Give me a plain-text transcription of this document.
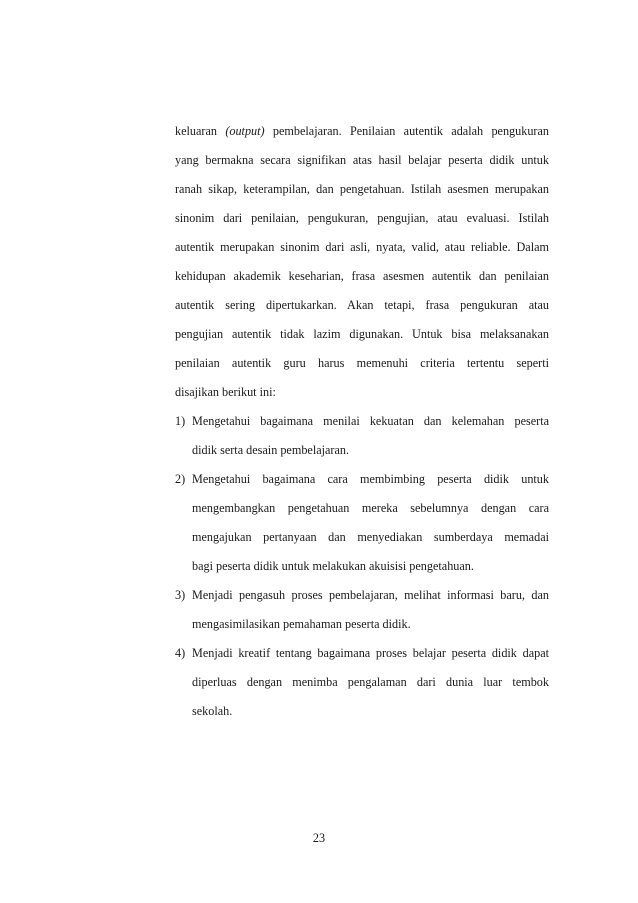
keluaran (output) pembelajaran. Penilaian autentik adalah pengukuran
yang bermakna secara signifikan atas hasil belajar peserta didik untuk
ranah sikap, keterampilan, dan pengetahuan. Istilah asesmen merupakan
sinonim dari penilaian, pengukuran, pengujian, atau evaluasi. Istilah
autentik merupakan sinonim dari asli, nyata, valid, atau reliable. Dalam
kehidupan akademik keseharian, frasa asesmen autentik dan penilaian
autentik sering dipertukarkan. Akan tetapi, frasa pengukuran atau
pengujian autentik tidak lazim digunakan. Untuk bisa melaksanakan
penilaian autentik guru harus memenuhi criteria tertentu seperti
disajikan berikut ini:
1) Mengetahui bagaimana menilai kekuatan dan kelemahan peserta
didik serta desain pembelajaran.
2) Mengetahui bagaimana cara membimbing peserta didik untuk
mengembangkan pengetahuan mereka sebelumnya dengan cara
mengajukan pertanyaan dan menyediakan sumberdaya memadai
bagi peserta didik untuk melakukan akuisisi pengetahuan.
3) Menjadi pengasuh proses pembelajaran, melihat informasi baru, dan
mengasimilasikan pemahaman peserta didik.
4) Menjadi kreatif tentang bagaimana proses belajar peserta didik dapat
diperluas dengan menimba pengalaman dari dunia luar tembok
sekolah.
23
